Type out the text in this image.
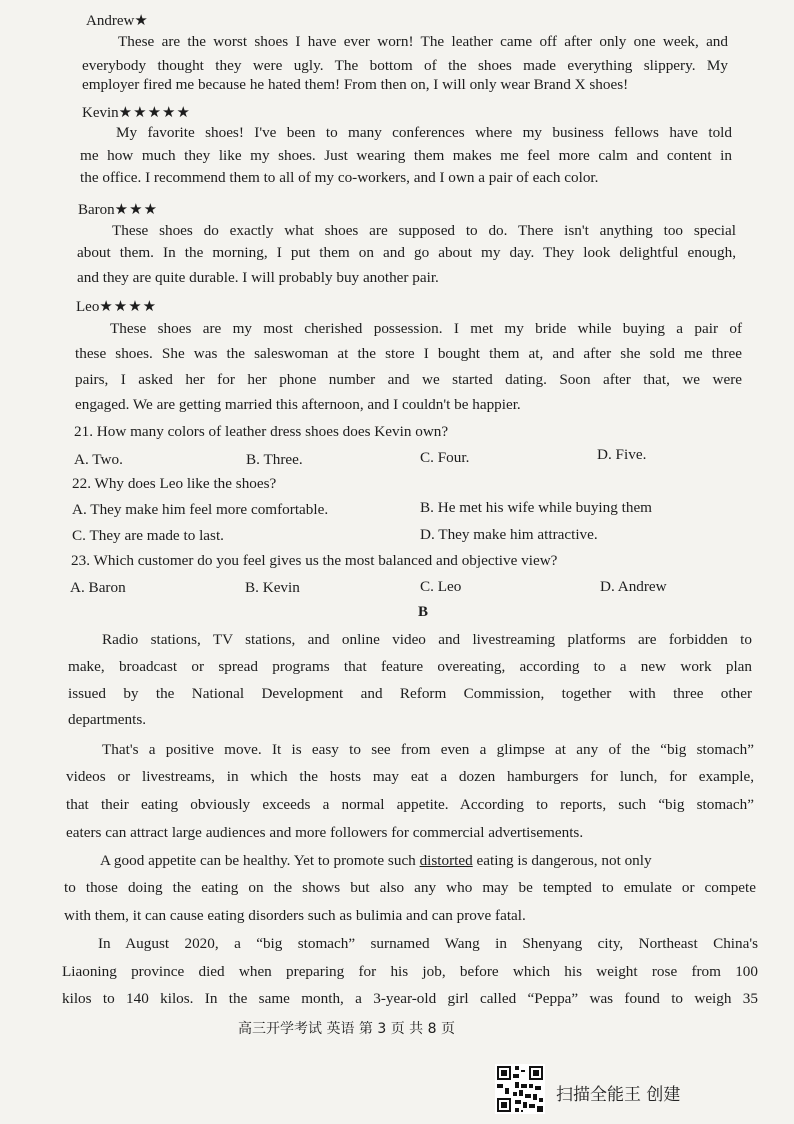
Andrew★
These are the worst shoes I have ever worn! The leather came off after only one week, and
everybody thought they were ugly. The bottom of the shoes made everything slippery. My
employer fired me because he hated them! From then on, I will only wear Brand X shoes!
Kevin★★★★★
My favorite shoes! I've been to many conferences where my business fellows have told
me how much they like my shoes. Just wearing them makes me feel more calm and content in
the office. I recommend them to all of my co-workers, and I own a pair of each color.
Baron★★★
These shoes do exactly what shoes are supposed to do. There isn't anything too special
about them. In the morning, I put them on and go about my day. They look delightful enough,
and they are quite durable. I will probably buy another pair.
Leo★★★★
These shoes are my most cherished possession. I met my bride while buying a pair of
these shoes. She was the saleswoman at the store I bought them at, and after she sold me three
pairs, I asked her for her phone number and we started dating. Soon after that, we were
engaged. We are getting married this afternoon, and I couldn't be happier.
21. How many colors of leather dress shoes does Kevin own?
A. Two.	B. Three.	C. Four.	D. Five.
22. Why does Leo like the shoes?
A. They make him feel more comfortable.	B. He met his wife while buying them
C. They are made to last.	D. They make him attractive.
23. Which customer do you feel gives us the most balanced and objective view?
A. Baron	B. Kevin	C. Leo	D. Andrew
B
Radio stations, TV stations, and online video and livestreaming platforms are forbidden to
make, broadcast or spread programs that feature overeating, according to a new work plan
issued by the National Development and Reform Commission, together with three other
departments.
That's a positive move. It is easy to see from even a glimpse at any of the “big stomach”
videos or livestreams, in which the hosts may eat a dozen hamburgers for lunch, for example,
that their eating obviously exceeds a normal appetite. According to reports, such “big stomach”
eaters can attract large audiences and more followers for commercial advertisements.
A good appetite can be healthy. Yet to promote such distorted eating is dangerous, not only
to those doing the eating on the shows but also any who may be tempted to emulate or compete
with them, it can cause eating disorders such as bulimia and can prove fatal.
In August 2020, a “big stomach” surnamed Wang in Shenyang city, Northeast China's
Liaoning province died when preparing for his job, before which his weight rose from 100
kilos to 140 kilos. In the same month, a 3-year-old girl called “Peppa” was found to weigh 35
高三开学考试 英语 第 3 页 共 8 页
扫描全能王 创建
